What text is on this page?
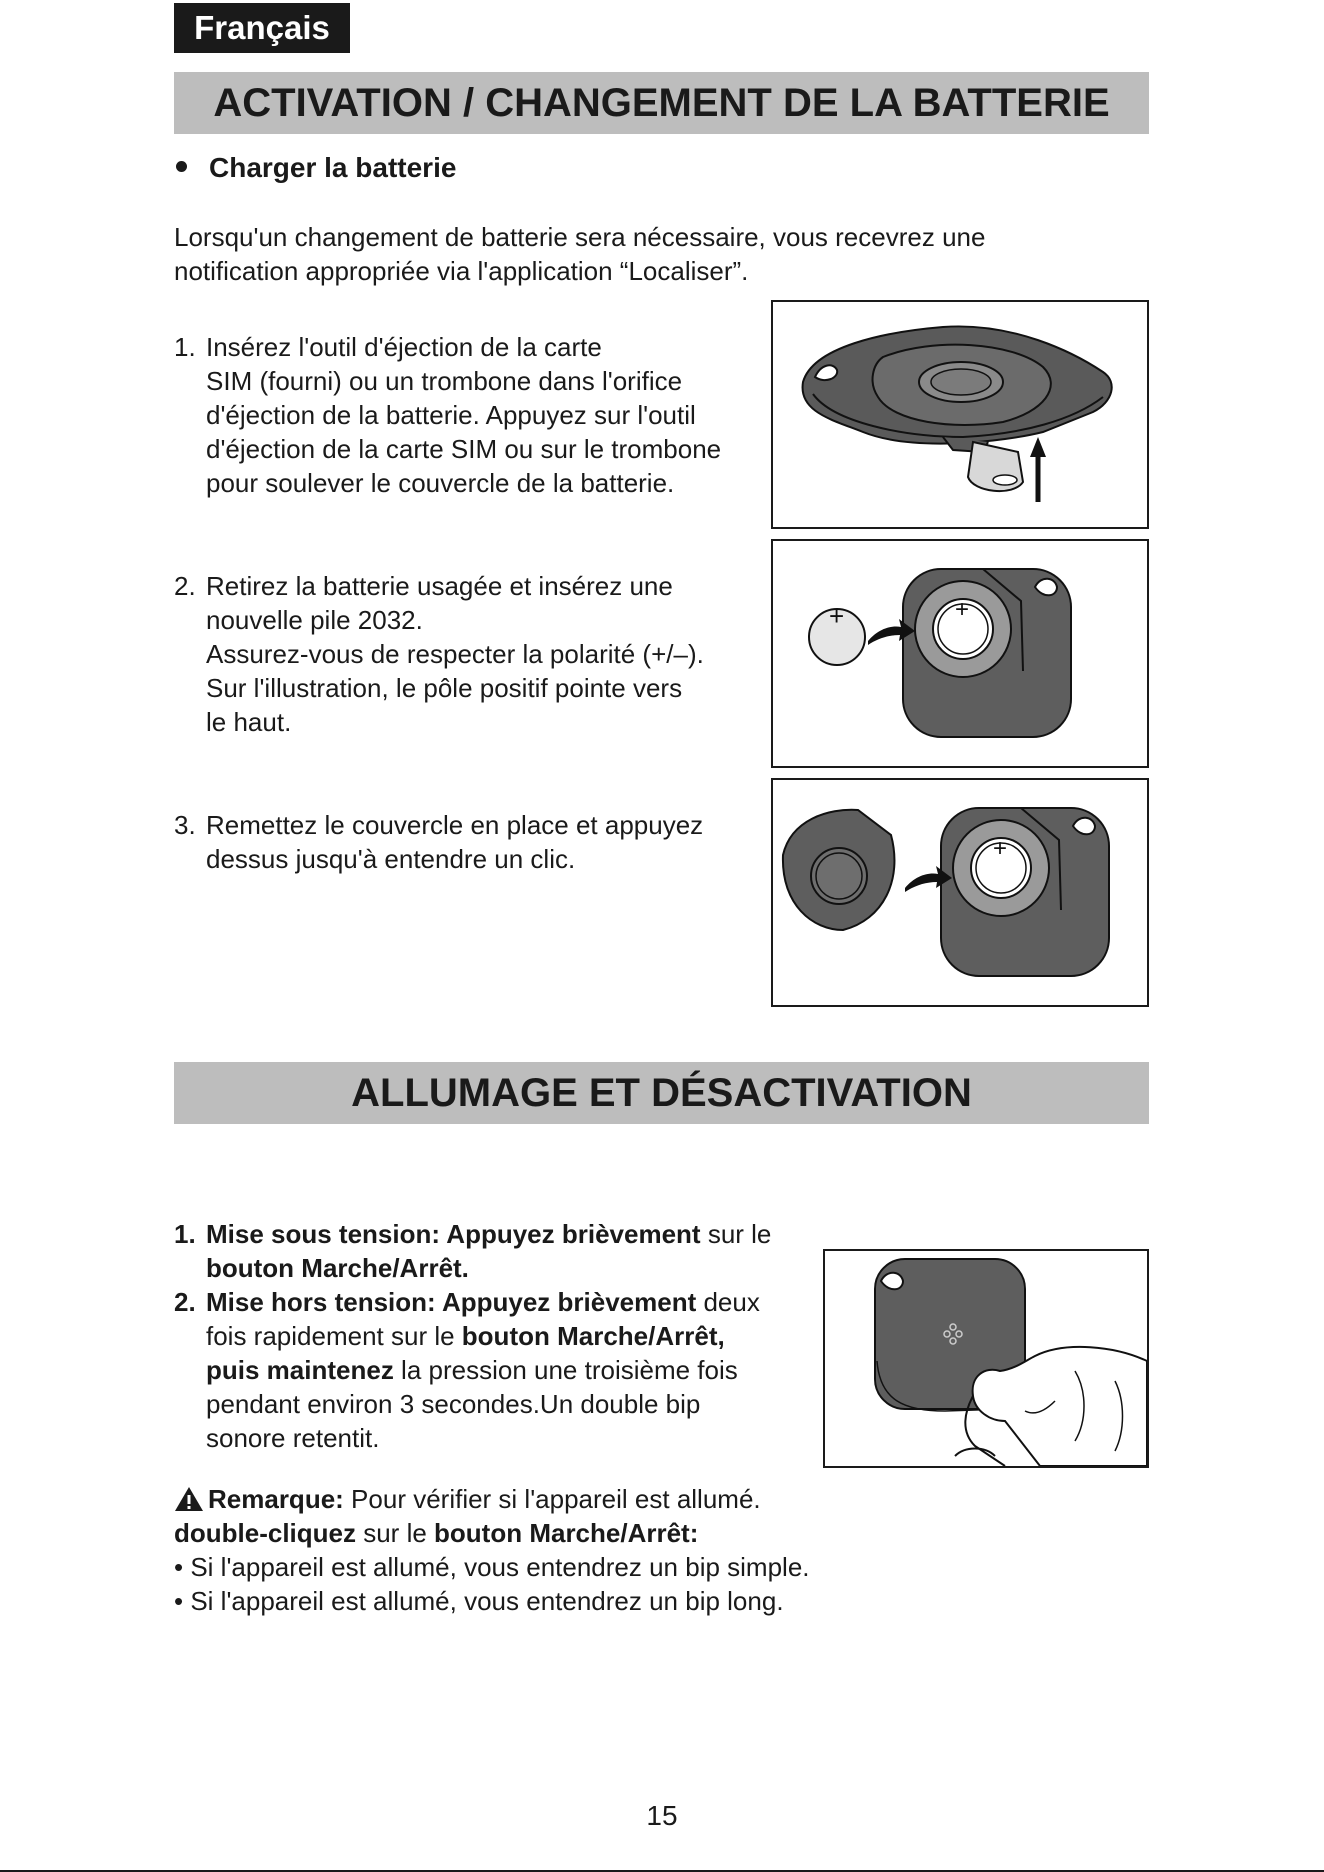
Français
ACTIVATION / CHANGEMENT DE LA BATTERIE
Charger la batterie
Lorsqu'un changement de batterie sera nécessaire, vous recevrez une
notification appropriée via l'application “Localiser”.
1. Insérez l'outil d'éjection de la carte
SIM (fourni) ou un trombone dans l'orifice
d'éjection de la batterie. Appuyez sur l'outil
d'éjection de la carte SIM ou sur le trombone
pour soulever le couvercle de la batterie.
2. Retirez la batterie usagée et insérez une
nouvelle pile 2032.
Assurez-vous de respecter la polarité (+/–).
Sur l'illustration, le pôle positif pointe vers
le haut.
+	+
3. Remettez le couvercle en place et appuyez
dessus jusqu'à entendre un clic.	+
ALLUMAGE ET DÉSACTIVATION
1. Mise sous tension: Appuyez brièvement sur le
bouton Marche/Arrêt.
2. Mise hors tension: Appuyez brièvement deux
fois rapidement sur le bouton Marche/Arrêt,
puis maintenez la pression une troisième fois
pendant environ 3 secondes.Un double bip
sonore retentit.
Remarque: Pour vérifier si l'appareil est allumé.
double-cliquez sur le bouton Marche/Arrêt:
• Si l'appareil est allumé, vous entendrez un bip simple.
• Si l'appareil est allumé, vous entendrez un bip long.
15
